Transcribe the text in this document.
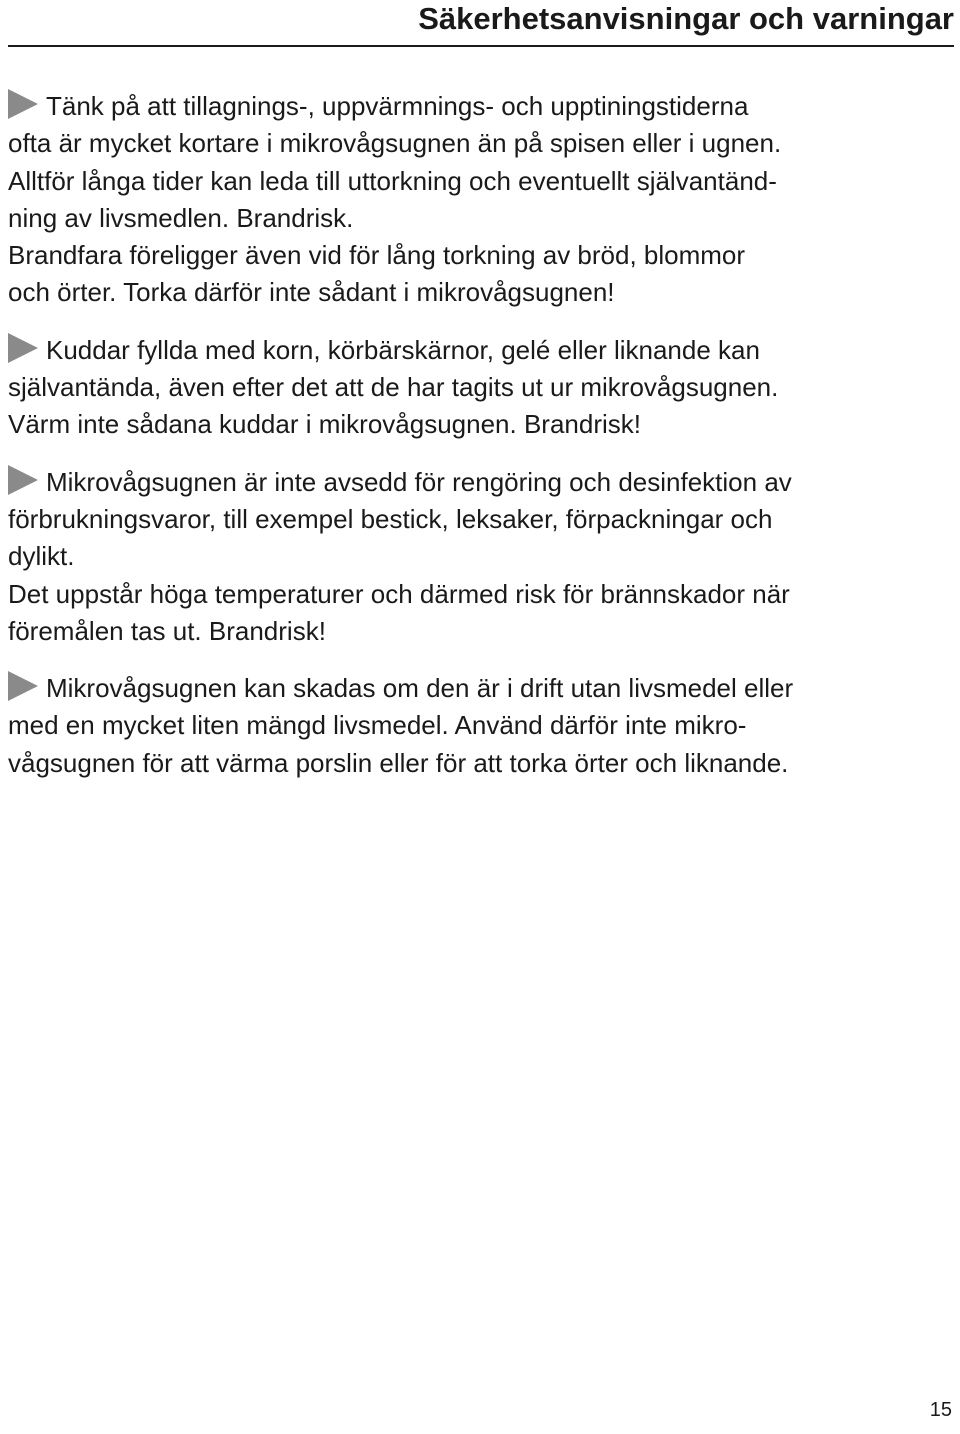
Säkerhetsanvisningar och varningar

Tänk på att tillagnings-, uppvärmnings- och upptiningstiderna
ofta är mycket kortare i mikrovågsugnen än på spisen eller i ugnen.
Alltför långa tider kan leda till uttorkning och eventuellt självantänd-
ning av livsmedlen. Brandrisk.

Brandfara föreligger även vid för lång torkning av bröd, blommor
och örter. Torka därför inte sådant i mikrovågsugnen!

Kuddar fyllda med korn, körbärskärnor, gelé eller liknande kan
självantända, även efter det att de har tagits ut ur mikrovågsugnen.
Värm inte sådana kuddar i mikrovågsugnen. Brandrisk!

Mikrovågsugnen är inte avsedd för rengöring och desinfektion av
förbrukningsvaror, till exempel bestick, leksaker, förpackningar och
dylikt.

Det uppstår höga temperaturer och därmed risk för brännskador när
föremålen tas ut. Brandrisk!

Mikrovågsugnen kan skadas om den är i drift utan livsmedel eller
med en mycket liten mängd livsmedel. Använd därför inte mikro-
vågsugnen för att värma porslin eller för att torka örter och liknande.

15
